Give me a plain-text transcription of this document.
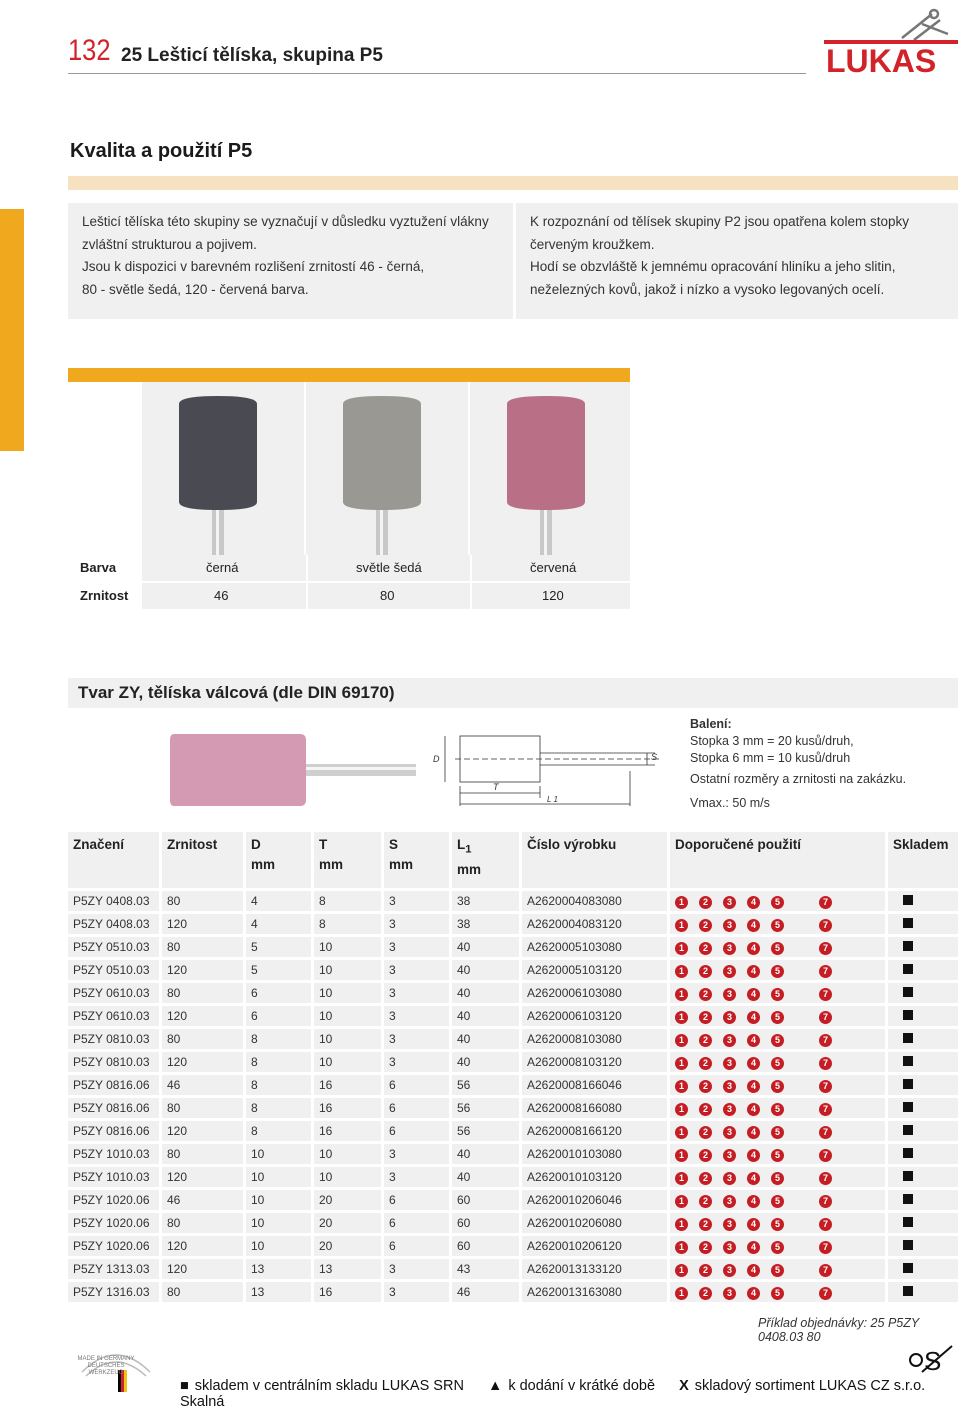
132 25 Lešticí tělíska, skupina P5	LUKAS
Kvalita a použití P5
Lešticí tělíska této skupiny se vyznačují v důsledku vyztužení vlákny
zvláštní strukturou a pojivem.
Jsou k dispozici v barevném rozlišení zrnitostí 46 - černá,
80 - světle šedá, 120 - červená barva.
K rozpoznání od tělísek skupiny P2 jsou opatřena kolem stopky
červeným kroužkem.
Hodí se obzvláště k jemnému opracování hliníku a jeho slitin,
neželezných kovů, jakož i nízko a vysoko legovaných ocelí.
Barva	černá	světle šedá	červená
Zrnitost	46	80	120
Tvar ZY, tělíska válcová (dle DIN 69170)
D
T
S
L 1
Balení:
Stopka 3 mm = 20 kusů/druh,
Stopka 6 mm = 10 kusů/druh
Ostatní rozměry a zrnitosti na zakázku.
Vmax.: 50 m/s
Značení	Zrnitost	D
mm	T
mm	S
mm	$L_1$
mm	Číslo výrobku	Doporučené použití	Skladem
P5ZY 0408.03	80	4	8	3	38	A2620004083080	1 2 3 4 5 7	
P5ZY 0408.03	120	4	8	3	38	A2620004083120	1 2 3 4 5 7	
P5ZY 0510.03	80	5	10	3	40	A2620005103080	1 2 3 4 5 7	
P5ZY 0510.03	120	5	10	3	40	A2620005103120	1 2 3 4 5 7	
P5ZY 0610.03	80	6	10	3	40	A2620006103080	1 2 3 4 5 7	
P5ZY 0610.03	120	6	10	3	40	A2620006103120	1 2 3 4 5 7	
P5ZY 0810.03	80	8	10	3	40	A2620008103080	1 2 3 4 5 7	
P5ZY 0810.03	120	8	10	3	40	A2620008103120	1 2 3 4 5 7	
P5ZY 0816.06	46	8	16	6	56	A2620008166046	1 2 3 4 5 7	
P5ZY 0816.06	80	8	16	6	56	A2620008166080	1 2 3 4 5 7	
P5ZY 0816.06	120	8	16	6	56	A2620008166120	1 2 3 4 5 7	
P5ZY 1010.03	80	10	10	3	40	A2620010103080	1 2 3 4 5 7	
P5ZY 1010.03	120	10	10	3	40	A2620010103120	1 2 3 4 5 7	
P5ZY 1020.06	46	10	20	6	60	A2620010206046	1 2 3 4 5 7	
P5ZY 1020.06	80	10	20	6	60	A2620010206080	1 2 3 4 5 7	
P5ZY 1020.06	120	10	20	6	60	A2620010206120	1 2 3 4 5 7	
P5ZY 1313.03	120	13	13	3	43	A2620013133120	1 2 3 4 5 7	
P5ZY 1316.03	80	13	16	3	46	A2620013163080	1 2 3 4 5 7	
Příklad objednávky: 25 P5ZY 0408.03 80
MADE IN GERMANY DEUTSCHES WERKZEUG
■ skladem v centrálním skladu LUKAS SRN ▲ k dodání v krátké době X skladový sortiment LUKAS CZ s.r.o. Skalná
S
